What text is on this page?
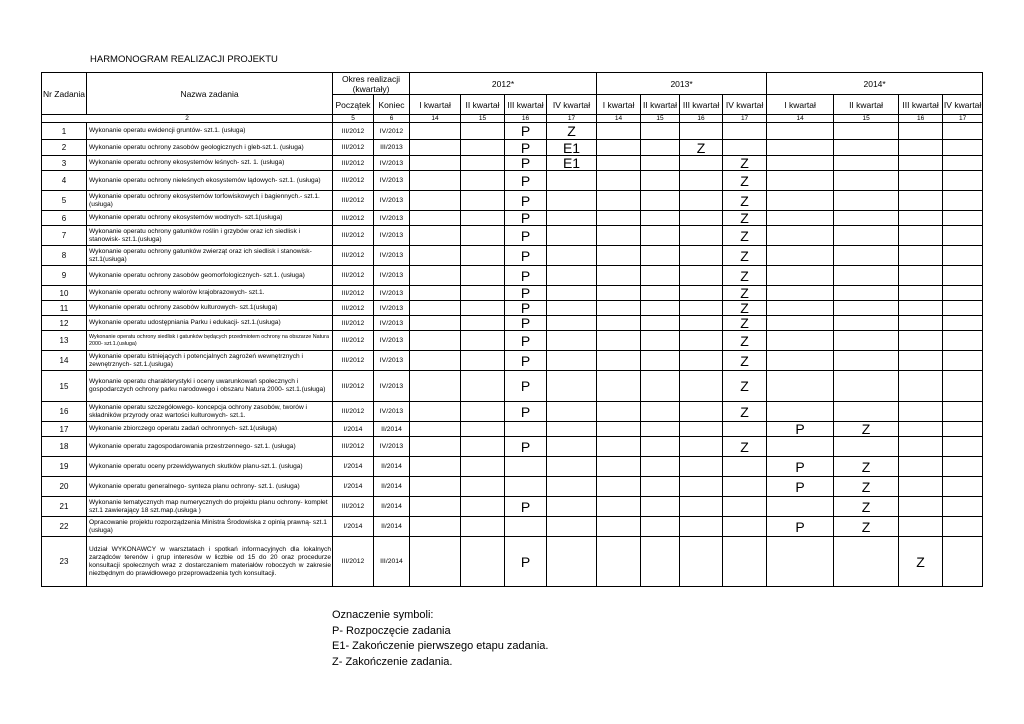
HARMONOGRAM REALIZACJI PROJEKTU
Nr Zadania	Nazwa zadania	Okres realizacji (kwartały)		2012*				2013*				2014*			
		Początek	Koniec	I kwartał	II kwartał	III kwartał	IV kwartał	I kwartał	II kwartał	III kwartał	IV kwartał	I kwartał	II kwartał	III kwartał	IV kwartał
2		5	6	14	15	16	17	14	15	16	17	14	15	16	17
1	Wykonanie operatu ewidencji gruntów- szt.1. (usługa)	III/2012	IV/2012			P	Z								
2	Wykonanie operatu ochrony zasobów geologicznych i gleb-szt.1. (usługa)	III/2012	III/2013			P	E1			Z					
3	Wykonanie operatu ochrony ekosystemów leśnych- szt. 1. (usługa)	III/2012	IV/2013			P	E1				Z				
4	Wykonanie operatu ochrony nieleśnych ekosystemów lądowych- szt.1. (usługa)	III/2012	IV/2013			P					Z				
5	Wykonanie operatu ochrony ekosystemów torfowiskowych i bagiennych.- szt.1.(usługa)	III/2012	IV/2013			P					Z				
6	Wykonanie operatu ochrony ekosystemów wodnych- szt.1(usługa)	III/2012	IV/2013			P					Z				
7	Wykonanie operatu ochrony gatunków roślin i grzybów oraz ich siedlisk i stanowisk- szt.1.(usługa)	III/2012	IV/2013			P					Z				
8	Wykonanie operatu ochrony gatunków zwierząt oraz ich siedlisk i stanowisk- szt.1(usługa)	III/2012	IV/2013			P					Z				
9	Wykonanie operatu ochrony zasobów geomorfologicznych- szt.1. (usługa)	III/2012	IV/2013			P					Z				
10	Wykonanie operatu ochrony walorów krajobrazowych- szt.1.	III/2012	IV/2013			P					Z				
11	Wykonanie operatu ochrony zasobów kulturowych- szt.1(usługa)	III/2012	IV/2013			P					Z				
12	Wykonanie operatu udostępniania Parku i edukacji- szt.1.(usługa)	III/2012	IV/2013			P					Z				
13	Wykonanie operatu ochrony siedlisk i gatunków będących przedmiotem ochrony na obszarze Natura 2000- szt.1.(usługa)	III/2012	IV/2013			P					Z				
14	Wykonanie operatu istniejących i potencjalnych zagrożeń wewnętrznych i zewnętrznych- szt.1.(usługa)	III/2012	IV/2013			P					Z				
15	Wykonanie operatu charakterystyki i oceny uwarunkowań społecznych i gospodarczych ochrony parku narodowego i obszaru Natura 2000- szt.1.(usługa)	III/2012	IV/2013			P					Z				
16	Wykonanie operatu szczegółowego- koncepcja ochrony zasobów, tworów i składników przyrody oraz wartości kulturowych- szt.1.	III/2012	IV/2013			P					Z				
17	Wykonanie zbiorczego operatu zadań ochronnych- szt.1(usługa)	I/2014	II/2014									P	Z		
18	Wykonanie operatu zagospodarowania przestrzennego- szt.1. (usługa)	III/2012	IV/2013			P					Z				
19	Wykonanie operatu oceny przewidywanych skutków planu-szt.1. (usługa)	I/2014	II/2014									P	Z		
20	Wykonanie operatu generalnego- synteza planu ochrony- szt.1. (usługa)	I/2014	II/2014									P	Z		
21	Wykonanie tematycznych map numerycznych do projektu planu ochrony- komplet szt.1 zawierający 18 szt.map.(usługa )	III/2012	II/2014			P							Z		
22	Opracowanie projektu rozporządzenia Ministra Środowiska z opinią prawną- szt.1 (usługa)	I/2014	II/2014									P	Z		
23	Udział WYKONAWCY w warsztatach i spotkań informacyjnych dla lokalnych zarządców terenów i grup interesów w liczbie od 15 do 20 oraz procedurze konsultacji społecznych wraz z dostarczaniem materiałów roboczych w zakresie niezbędnym do prawidłowego przeprowadzenia tych konsultacji.	III/2012	III/2014			P								Z	
Oznaczenie symboli:
P- Rozpoczęcie zadania
E1- Zakończenie pierwszego etapu zadania.
Z- Zakończenie zadania.
